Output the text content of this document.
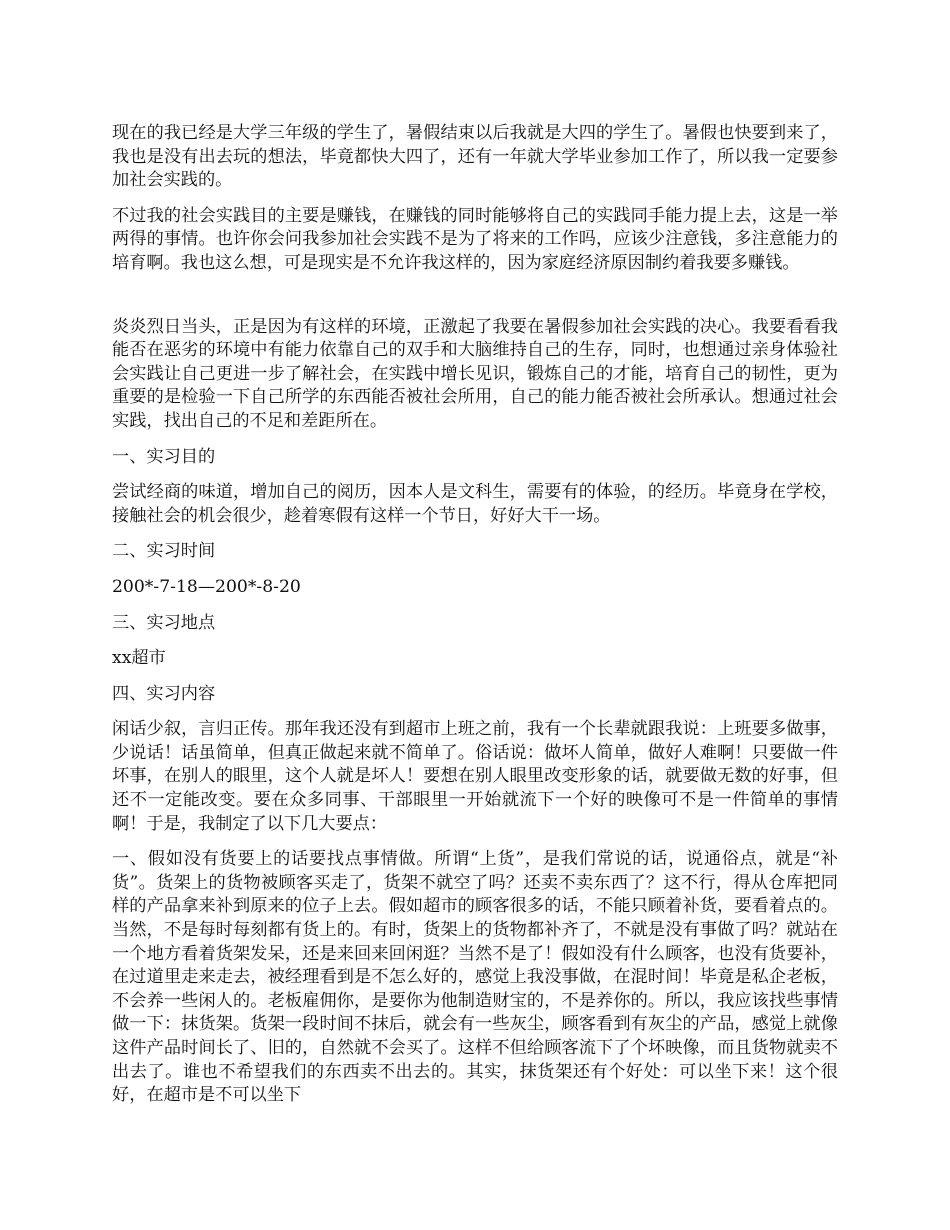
现在的我已经是大学三年级的学生了，暑假结束以后我就是大四的学生了。暑假也快要到来了，我也是没有出去玩的想法，毕竟都快大四了，还有一年就大学毕业参加工作了，所以我一定要参加社会实践的。

不过我的社会实践目的主要是赚钱，在赚钱的同时能够将自己的实践同手能力提上去，这是一举两得的事情。也许你会问我参加社会实践不是为了将来的工作吗，应该少注意钱，多注意能力的培育啊。我也这么想，可是现实是不允许我这样的，因为家庭经济原因制约着我要多赚钱。

炎炎烈日当头，正是因为有这样的环境，正激起了我要在暑假参加社会实践的决心。我要看看我能否在恶劣的环境中有能力依靠自己的双手和大脑维持自己的生存，同时，也想通过亲身体验社会实践让自己更进一步了解社会，在实践中增长见识，锻炼自己的才能，培育自己的韧性，更为重要的是检验一下自己所学的东西能否被社会所用，自己的能力能否被社会所承认。想通过社会实践，找出自己的不足和差距所在。

一、实习目的

尝试经商的味道，增加自己的阅历，因本人是文科生，需要有的体验，的经历。毕竟身在学校，接触社会的机会很少，趁着寒假有这样一个节日，好好大干一场。

二、实习时间

200*-7-18—200*-8-20

三、实习地点

xx超市

四、实习内容

闲话少叙，言归正传。那年我还没有到超市上班之前，我有一个长辈就跟我说：上班要多做事，少说话！话虽简单，但真正做起来就不简单了。俗话说：做坏人简单，做好人难啊！只要做一件坏事，在别人的眼里，这个人就是坏人！要想在别人眼里改变形象的话，就要做无数的好事，但还不一定能改变。要在众多同事、干部眼里一开始就流下一个好的映像可不是一件简单的事情啊！于是，我制定了以下几大要点：

一、假如没有货要上的话要找点事情做。所谓“上货”，是我们常说的话，说通俗点，就是“补货”。货架上的货物被顾客买走了，货架不就空了吗？还卖不卖东西了？这不行，得从仓库把同样的产品拿来补到原来的位子上去。假如超市的顾客很多的话，不能只顾着补货，要看着点的。当然，不是每时每刻都有货上的。有时，货架上的货物都补齐了，不就是没有事做了吗？就站在一个地方看着货架发呆，还是来回来回闲逛？当然不是了！假如没有什么顾客，也没有货要补，在过道里走来走去，被经理看到是不怎么好的，感觉上我没事做，在混时间！毕竟是私企老板，不会养一些闲人的。老板雇佣你，是要你为他制造财宝的，不是养你的。所以，我应该找些事情做一下：抹货架。货架一段时间不抹后，就会有一些灰尘，顾客看到有灰尘的产品，感觉上就像这件产品时间长了、旧的，自然就不会买了。这样不但给顾客流下了个坏映像，而且货物就卖不出去了。谁也不希望我们的东西卖不出去的。其实，抹货架还有个好处：可以坐下来！这个很好，在超市是不可以坐下
